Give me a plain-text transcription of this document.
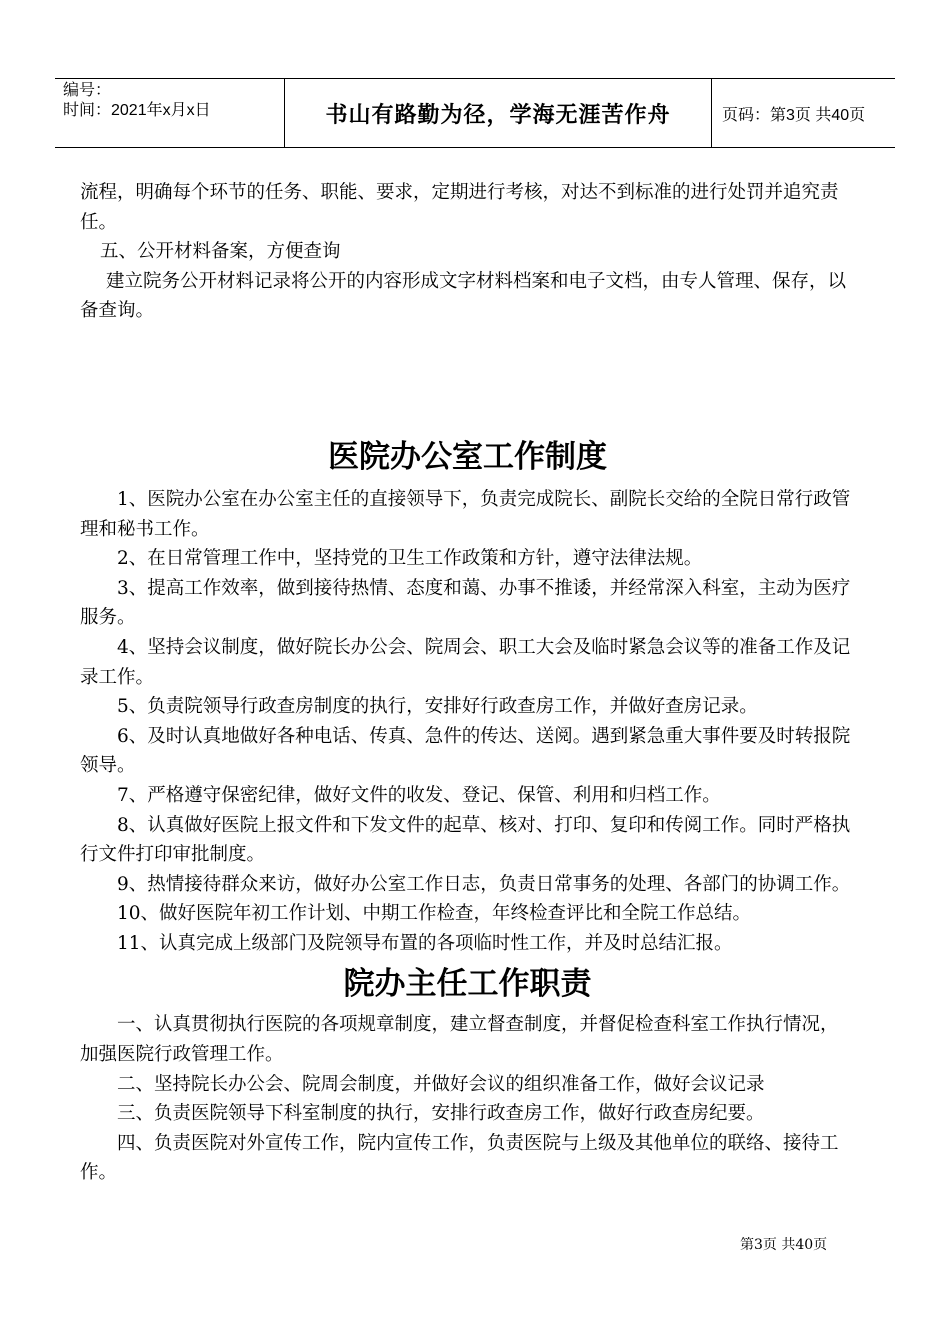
编号：
时间：2021年x月x日	书山有路勤为径，学海无涯苦作舟	页码：第3页 共40页

流程，明确每个环节的任务、职能、要求，定期进行考核，对达不到标准的进行处罚并追究责任。

五、公开材料备案，方便查询

建立院务公开材料记录将公开的内容形成文字材料档案和电子文档，由专人管理、保存，以备查询。

医院办公室工作制度

1、医院办公室在办公室主任的直接领导下，负责完成院长、副院长交给的全院日常行政管理和秘书工作。

2、在日常管理工作中，坚持党的卫生工作政策和方针，遵守法律法规。

3、提高工作效率，做到接待热情、态度和蔼、办事不推诿，并经常深入科室，主动为医疗服务。

4、坚持会议制度，做好院长办公会、院周会、职工大会及临时紧急会议等的准备工作及记录工作。

5、负责院领导行政查房制度的执行，安排好行政查房工作，并做好查房记录。

6、及时认真地做好各种电话、传真、急件的传达、送阅。遇到紧急重大事件要及时转报院领导。

7、严格遵守保密纪律，做好文件的收发、登记、保管、利用和归档工作。

8、认真做好医院上报文件和下发文件的起草、核对、打印、复印和传阅工作。同时严格执行文件打印审批制度。

9、热情接待群众来访，做好办公室工作日志，负责日常事务的处理、各部门的协调工作。

10、做好医院年初工作计划、中期工作检查，年终检查评比和全院工作总结。

11、认真完成上级部门及院领导布置的各项临时性工作，并及时总结汇报。

院办主任工作职责

一、认真贯彻执行医院的各项规章制度，建立督查制度，并督促检查科室工作执行情况，加强医院行政管理工作。

二、坚持院长办公会、院周会制度，并做好会议的组织准备工作，做好会议记录

三、负责医院领导下科室制度的执行，安排行政查房工作，做好行政查房纪要。

四、负责医院对外宣传工作，院内宣传工作，负责医院与上级及其他单位的联络、接待工作。

第3页 共40页
